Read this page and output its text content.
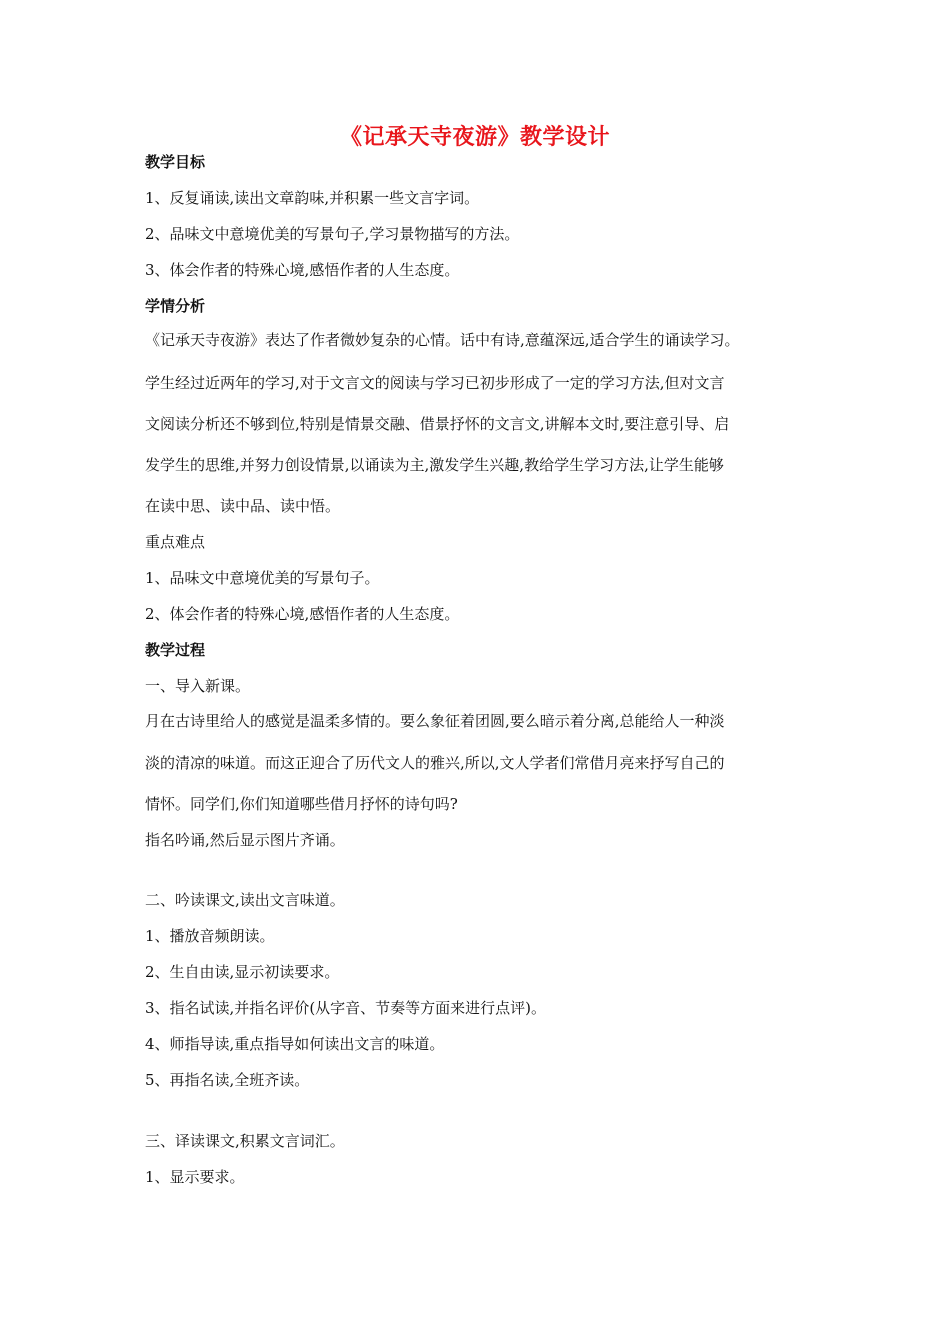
《记承天寺夜游》教学设计
教学目标
1、反复诵读,读出文章韵味,并积累一些文言字词。
2、品味文中意境优美的写景句子,学习景物描写的方法。
3、体会作者的特殊心境,感悟作者的人生态度。
学情分析
《记承天寺夜游》表达了作者微妙复杂的心情。话中有诗,意蕴深远,适合学生的诵读学习。
学生经过近两年的学习,对于文言文的阅读与学习已初步形成了一定的学习方法,但对文言
文阅读分析还不够到位,特别是情景交融、借景抒怀的文言文,讲解本文时,要注意引导、启
发学生的思维,并努力创设情景,以诵读为主,激发学生兴趣,教给学生学习方法,让学生能够
在读中思、读中品、读中悟。
重点难点
1、品味文中意境优美的写景句子。
2、体会作者的特殊心境,感悟作者的人生态度。
教学过程
一、导入新课。
月在古诗里给人的感觉是温柔多情的。要么象征着团圆,要么暗示着分离,总能给人一种淡
淡的清凉的味道。而这正迎合了历代文人的雅兴,所以,文人学者们常借月亮来抒写自己的
情怀。同学们,你们知道哪些借月抒怀的诗句吗?
指名吟诵,然后显示图片齐诵。
二、吟读课文,读出文言味道。
1、播放音频朗读。
2、生自由读,显示初读要求。
3、指名试读,并指名评价(从字音、节奏等方面来进行点评)。
4、师指导读,重点指导如何读出文言的味道。
5、再指名读,全班齐读。
三、译读课文,积累文言词汇。
1、显示要求。
